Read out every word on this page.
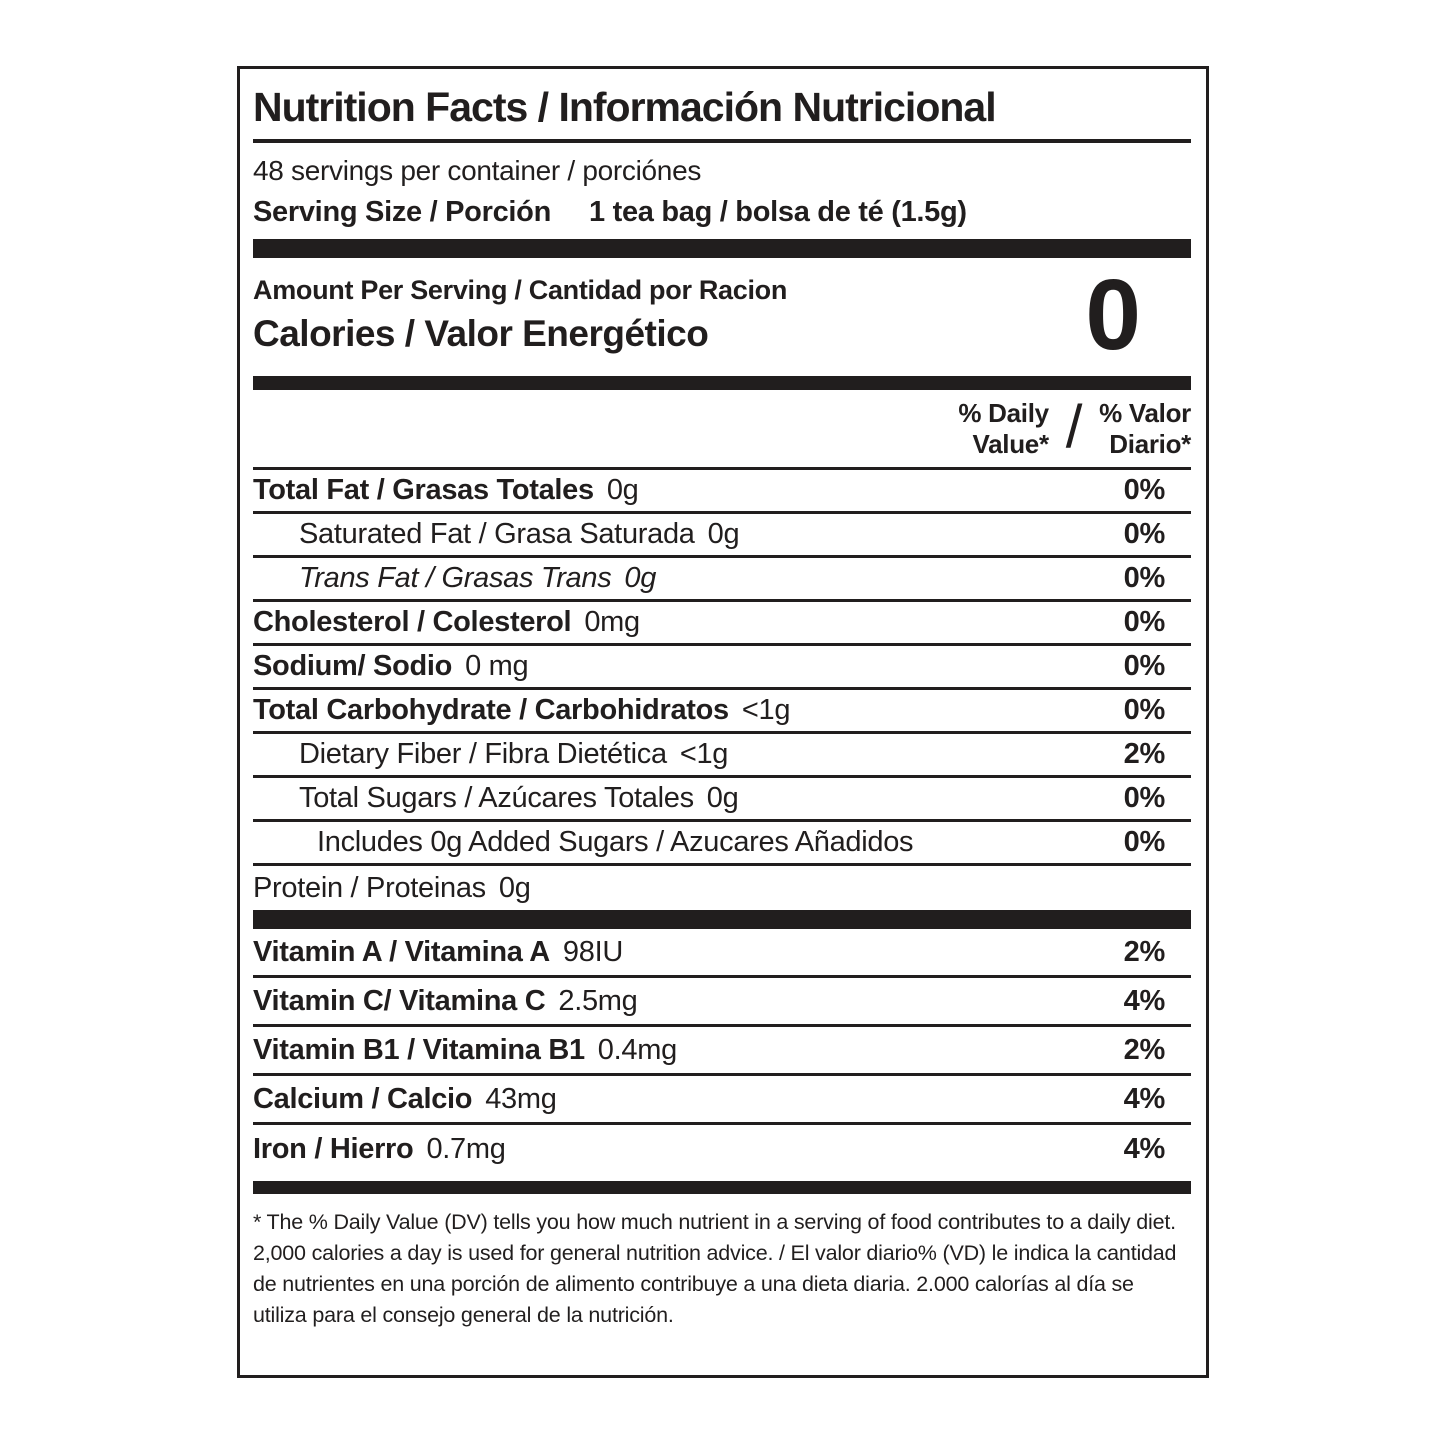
Nutrition Facts / Información Nutricional
48 servings per container / porciónes
Serving Size / Porción 1 tea bag / bolsa de té (1.5g)
Amount Per Serving / Cantidad por Racion
Calories / Valor Energético	0
% Daily
Value* / % Valor
Diario*
Total Fat / Grasas Totales 0g	0%
Saturated Fat / Grasa Saturada 0g	0%
Trans Fat / Grasas Trans 0g	0%
Cholesterol / Colesterol 0mg	0%
Sodium/ Sodio 0 mg	0%
Total Carbohydrate / Carbohidratos <1g	0%
Dietary Fiber / Fibra Dietética <1g	2%
Total Sugars / Azúcares Totales 0g	0%
Includes 0g Added Sugars / Azucares Añadidos	0%
Protein / Proteinas 0g
Vitamin A / Vitamina A 98IU	2%
Vitamin C/ Vitamina C 2.5mg	4%
Vitamin B1 / Vitamina B1 0.4mg	2%
Calcium / Calcio 43mg	4%
Iron / Hierro 0.7mg	4%

* The % Daily Value (DV) tells you how much nutrient in a serving of food contributes to a daily diet. 2,000 calories a day is used for general nutrition advice. / El valor diario% (VD) le indica la cantidad de nutrientes en una porción de alimento contribuye a una dieta diaria. 2.000 calorías al día se utiliza para el consejo general de la nutrición.
